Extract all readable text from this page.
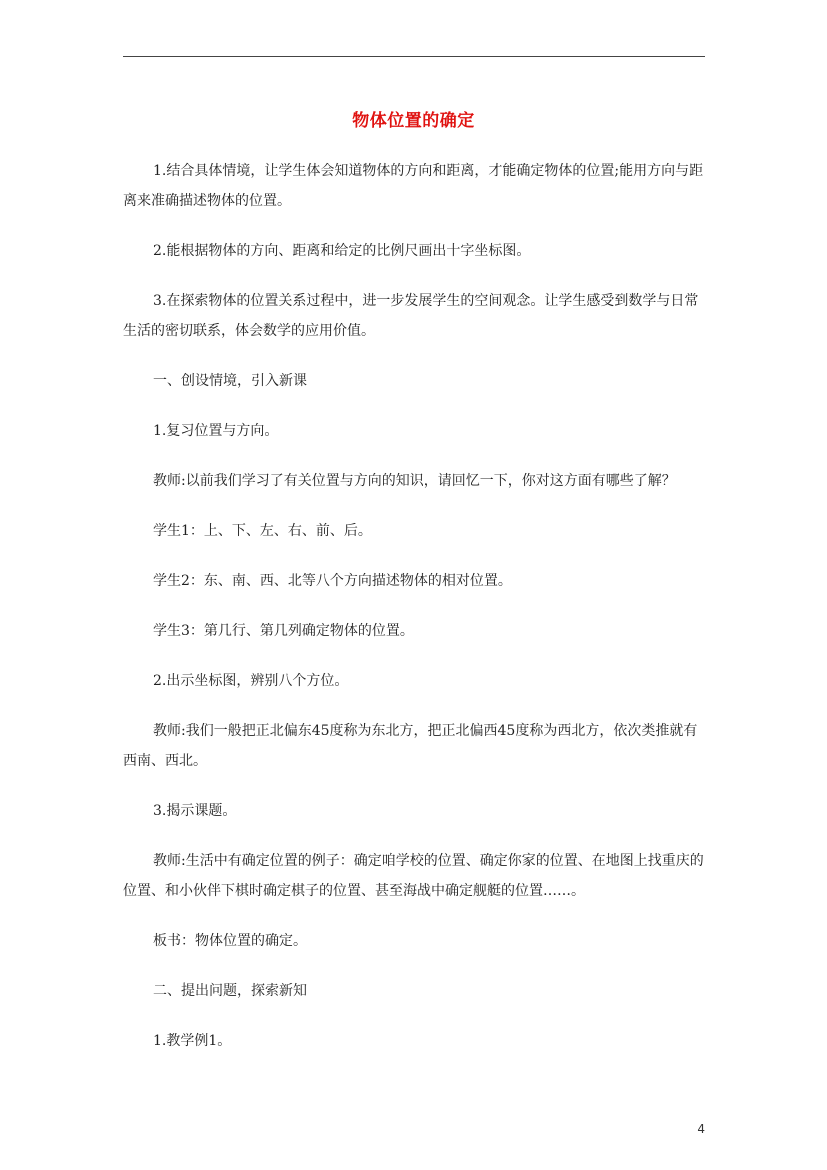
物体位置的确定

1.结合具体情境，让学生体会知道物体的方向和距离，才能确定物体的位置;能用方向与距离来准确描述物体的位置。

2.能根据物体的方向、距离和给定的比例尺画出十字坐标图。

3.在探索物体的位置关系过程中，进一步发展学生的空间观念。让学生感受到数学与日常生活的密切联系，体会数学的应用价值。

一、创设情境，引入新课

1.复习位置与方向。

教师:以前我们学习了有关位置与方向的知识，请回忆一下，你对这方面有哪些了解？

学生1：上、下、左、右、前、后。

学生2：东、南、西、北等八个方向描述物体的相对位置。

学生3：第几行、第几列确定物体的位置。

2.出示坐标图，辨别八个方位。

教师:我们一般把正北偏东45度称为东北方，把正北偏西45度称为西北方，依次类推就有西南、西北。

3.揭示课题。

教师:生活中有确定位置的例子：确定咱学校的位置、确定你家的位置、在地图上找重庆的位置、和小伙伴下棋时确定棋子的位置、甚至海战中确定舰艇的位置……。

板书：物体位置的确定。

二、提出问题，探索新知

1.教学例1。

4
